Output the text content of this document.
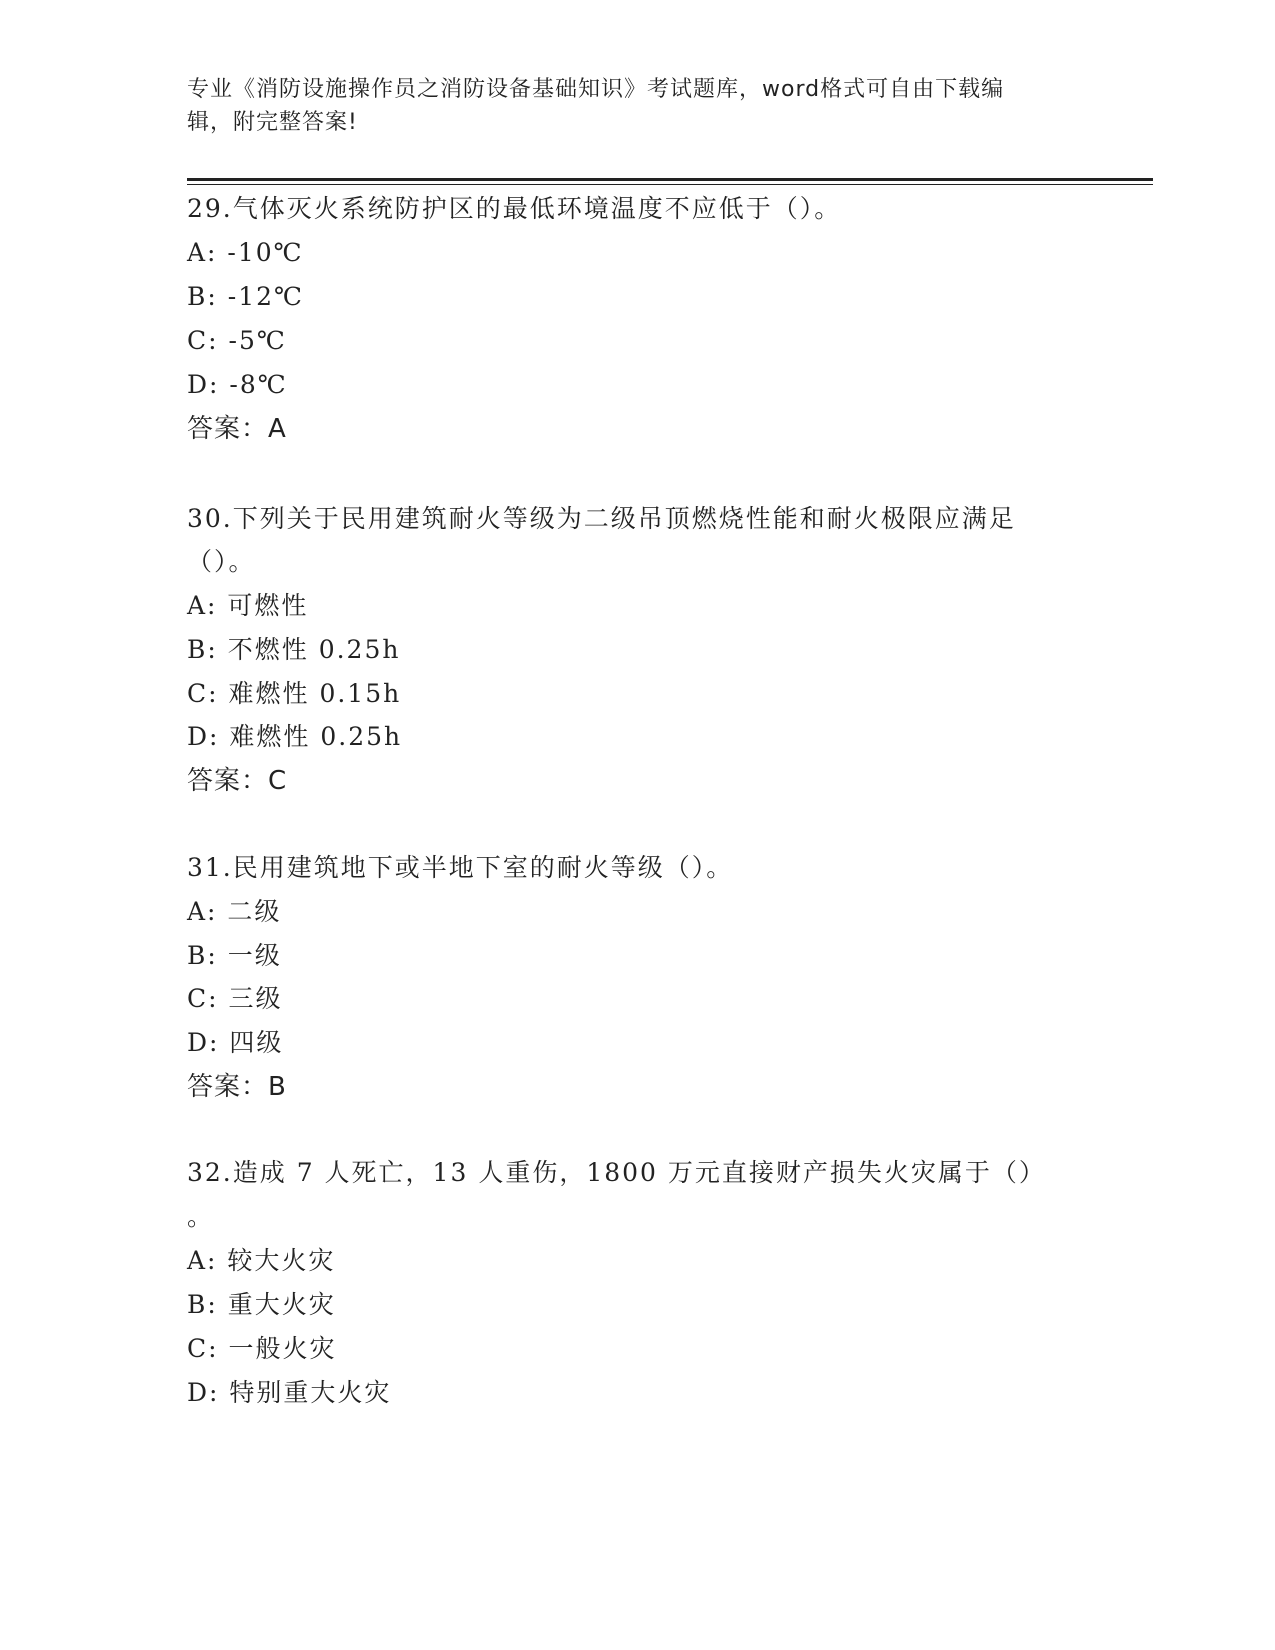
专业《消防设施操作员之消防设备基础知识》考试题库，word格式可自由下载编
辑，附完整答案!
29.气体灭火系统防护区的最低环境温度不应低于（）。
A: -10℃
B: -12℃
C: -5℃
D: -8℃
答案：A
30.下列关于民用建筑耐火等级为二级吊顶燃烧性能和耐火极限应满足
（）。
A: 可燃性
B: 不燃性 0.25h
C: 难燃性 0.15h
D: 难燃性 0.25h
答案：C
31.民用建筑地下或半地下室的耐火等级（）。
A: 二级
B: 一级
C: 三级
D: 四级
答案：B
32.造成 7 人死亡，13 人重伤，1800 万元直接财产损失火灾属于（）
。
A: 较大火灾
B: 重大火灾
C: 一般火灾
D: 特别重大火灾
